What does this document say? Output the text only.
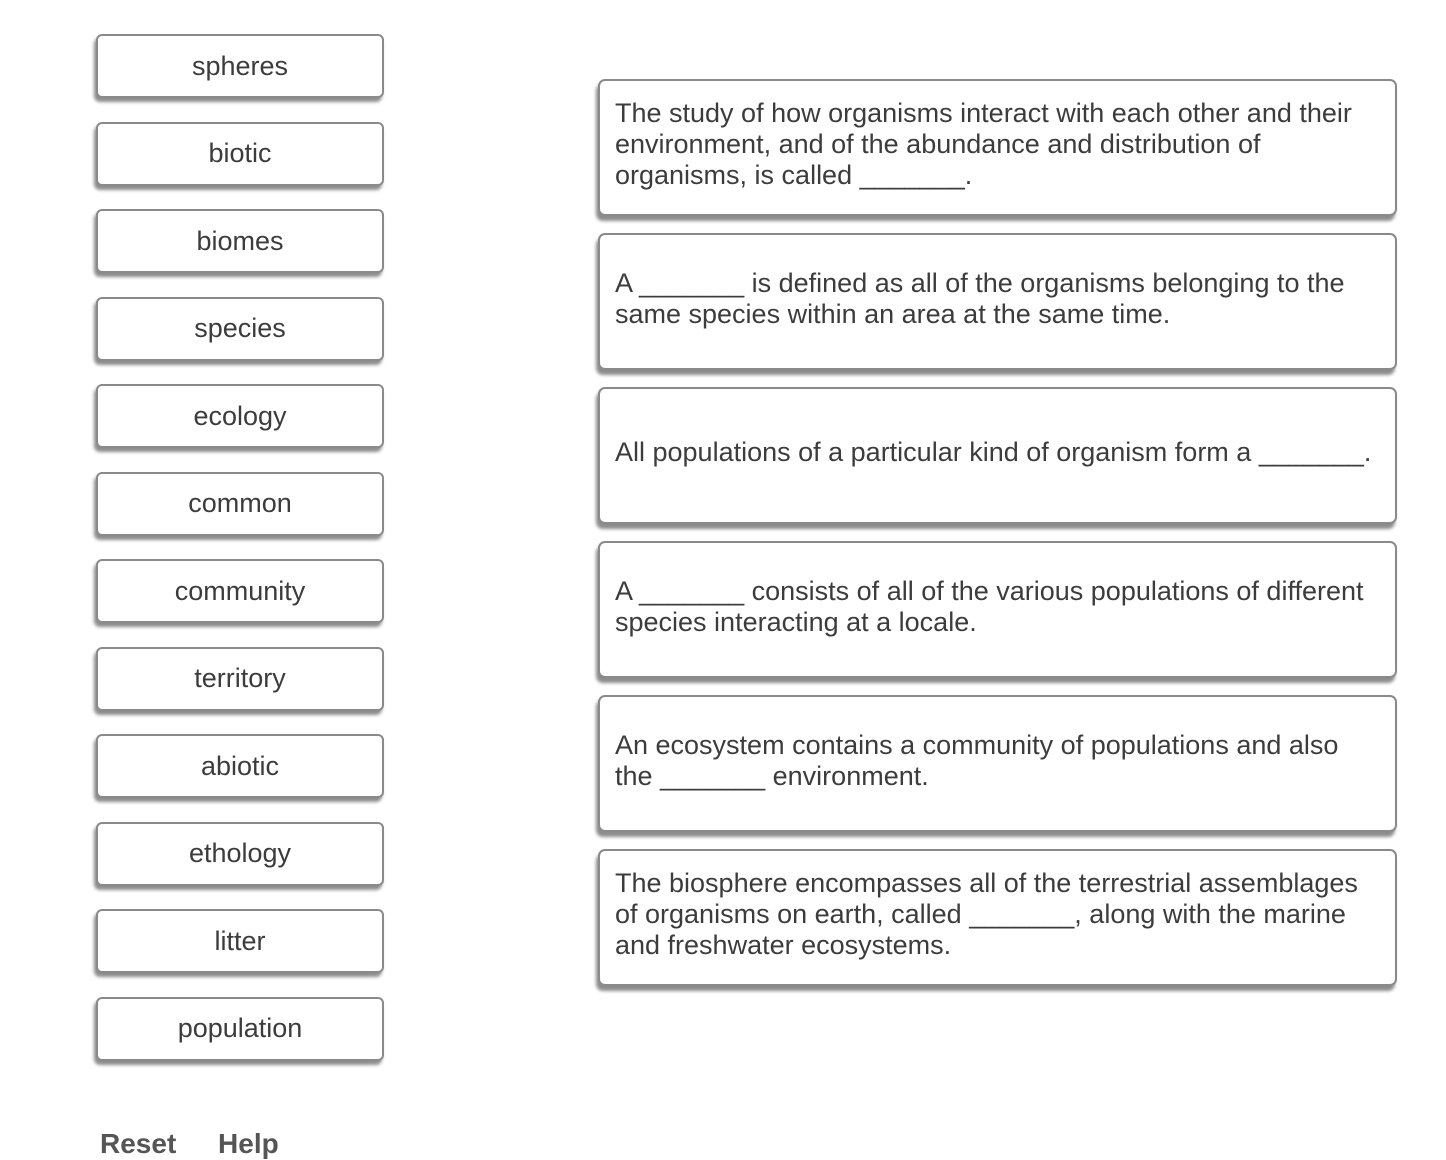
spheres
biotic
biomes
species
ecology
common
community
territory
abiotic
ethology
litter
population
The study of how organisms interact with each other and their environment, and of the abundance and distribution of organisms, is called _______.
A _______ is defined as all of the organisms belonging to the same species within an area at the same time.
All populations of a particular kind of organism form a _______.
A _______ consists of all of the various populations of different species interacting at a locale.
An ecosystem contains a community of populations and also the _______ environment.
The biosphere encompasses all of the terrestrial assemblages of organisms on earth, called _______, along with the marine and freshwater ecosystems.
Reset Help
